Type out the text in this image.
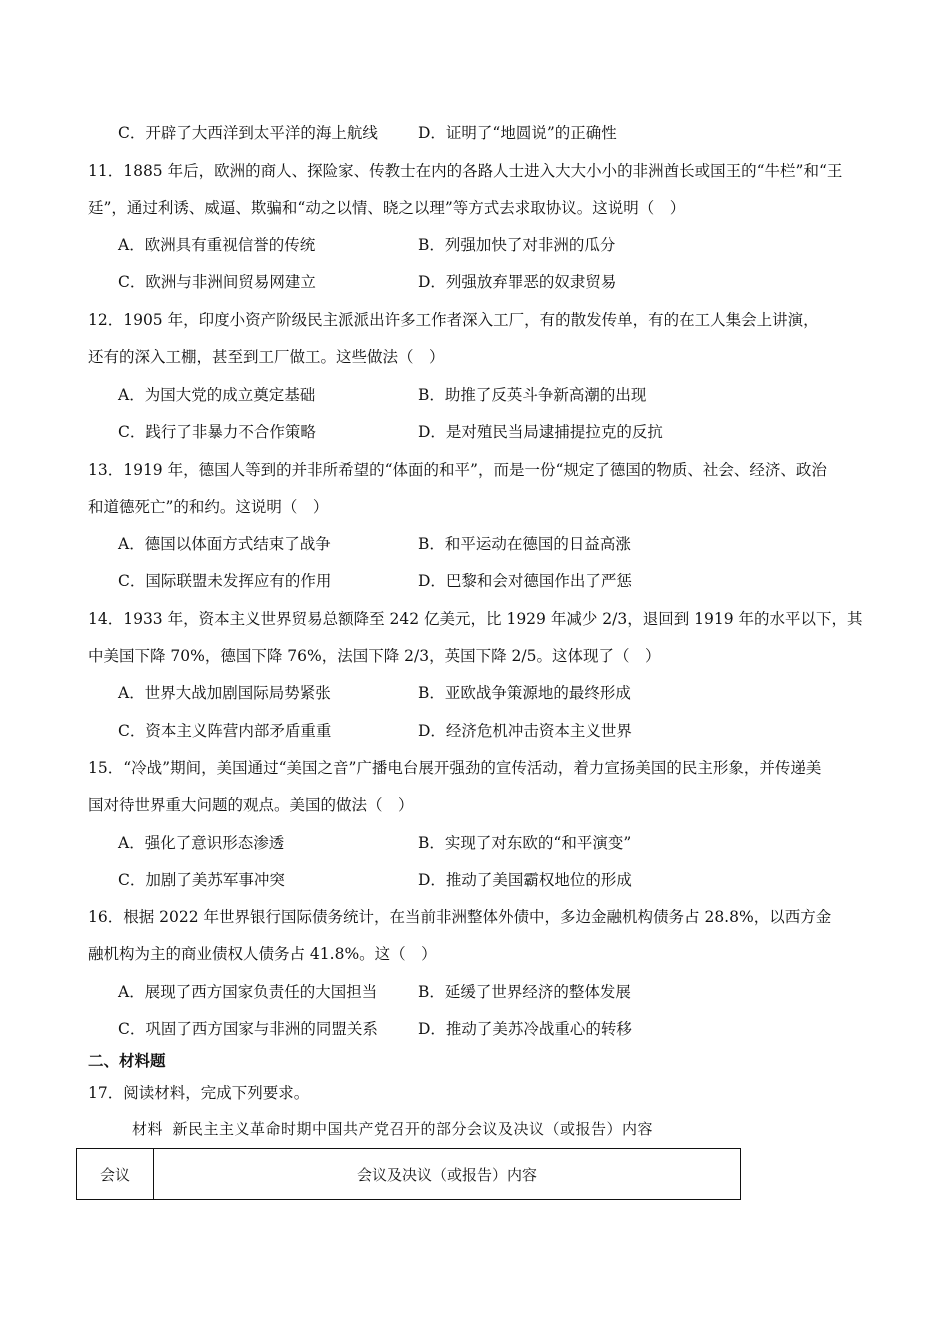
C．开辟了大西洋到太平洋的海上航线	D．证明了“地圆说”的正确性
11．1885 年后，欧洲的商人、探险家、传教士在内的各路人士进入大大小小的非洲酋长或国王的“牛栏”和“王
廷”，通过利诱、威逼、欺骗和“动之以情、晓之以理”等方式去求取协议。这说明（　）
A．欧洲具有重视信誉的传统	B．列强加快了对非洲的瓜分
C．欧洲与非洲间贸易网建立	D．列强放弃罪恶的奴隶贸易
12．1905 年，印度小资产阶级民主派派出许多工作者深入工厂，有的散发传单，有的在工人集会上讲演，
还有的深入工棚，甚至到工厂做工。这些做法（　）
A．为国大党的成立奠定基础	B．助推了反英斗争新高潮的出现
C．践行了非暴力不合作策略	D．是对殖民当局逮捕提拉克的反抗
13．1919 年，德国人等到的并非所希望的“体面的和平”，而是一份“规定了德国的物质、社会、经济、政治
和道德死亡”的和约。这说明（　）
A．德国以体面方式结束了战争	B．和平运动在德国的日益高涨
C．国际联盟未发挥应有的作用	D．巴黎和会对德国作出了严惩
14．1933 年，资本主义世界贸易总额降至 242 亿美元，比 1929 年减少 2/3，退回到 1919 年的水平以下，其
中美国下降 70%，德国下降 76%，法国下降 2/3，英国下降 2/5。这体现了（　）
A．世界大战加剧国际局势紧张	B．亚欧战争策源地的最终形成
C．资本主义阵营内部矛盾重重	D．经济危机冲击资本主义世界
15．“冷战”期间，美国通过“美国之音”广播电台展开强劲的宣传活动，着力宣扬美国的民主形象，并传递美
国对待世界重大问题的观点。美国的做法（　）
A．强化了意识形态渗透	B．实现了对东欧的“和平演变”
C．加剧了美苏军事冲突	D．推动了美国霸权地位的形成
16．根据 2022 年世界银行国际债务统计，在当前非洲整体外债中，多边金融机构债务占 28.8%，以西方金
融机构为主的商业债权人债务占 41.8%。这（　）
A．展现了西方国家负责任的大国担当	B．延缓了世界经济的整体发展
C．巩固了西方国家与非洲的同盟关系	D．推动了美苏冷战重心的转移
二、材料题
17．阅读材料，完成下列要求。
材料 新民主主义革命时期中国共产党召开的部分会议及决议（或报告）内容
会议	会议及决议（或报告）内容
